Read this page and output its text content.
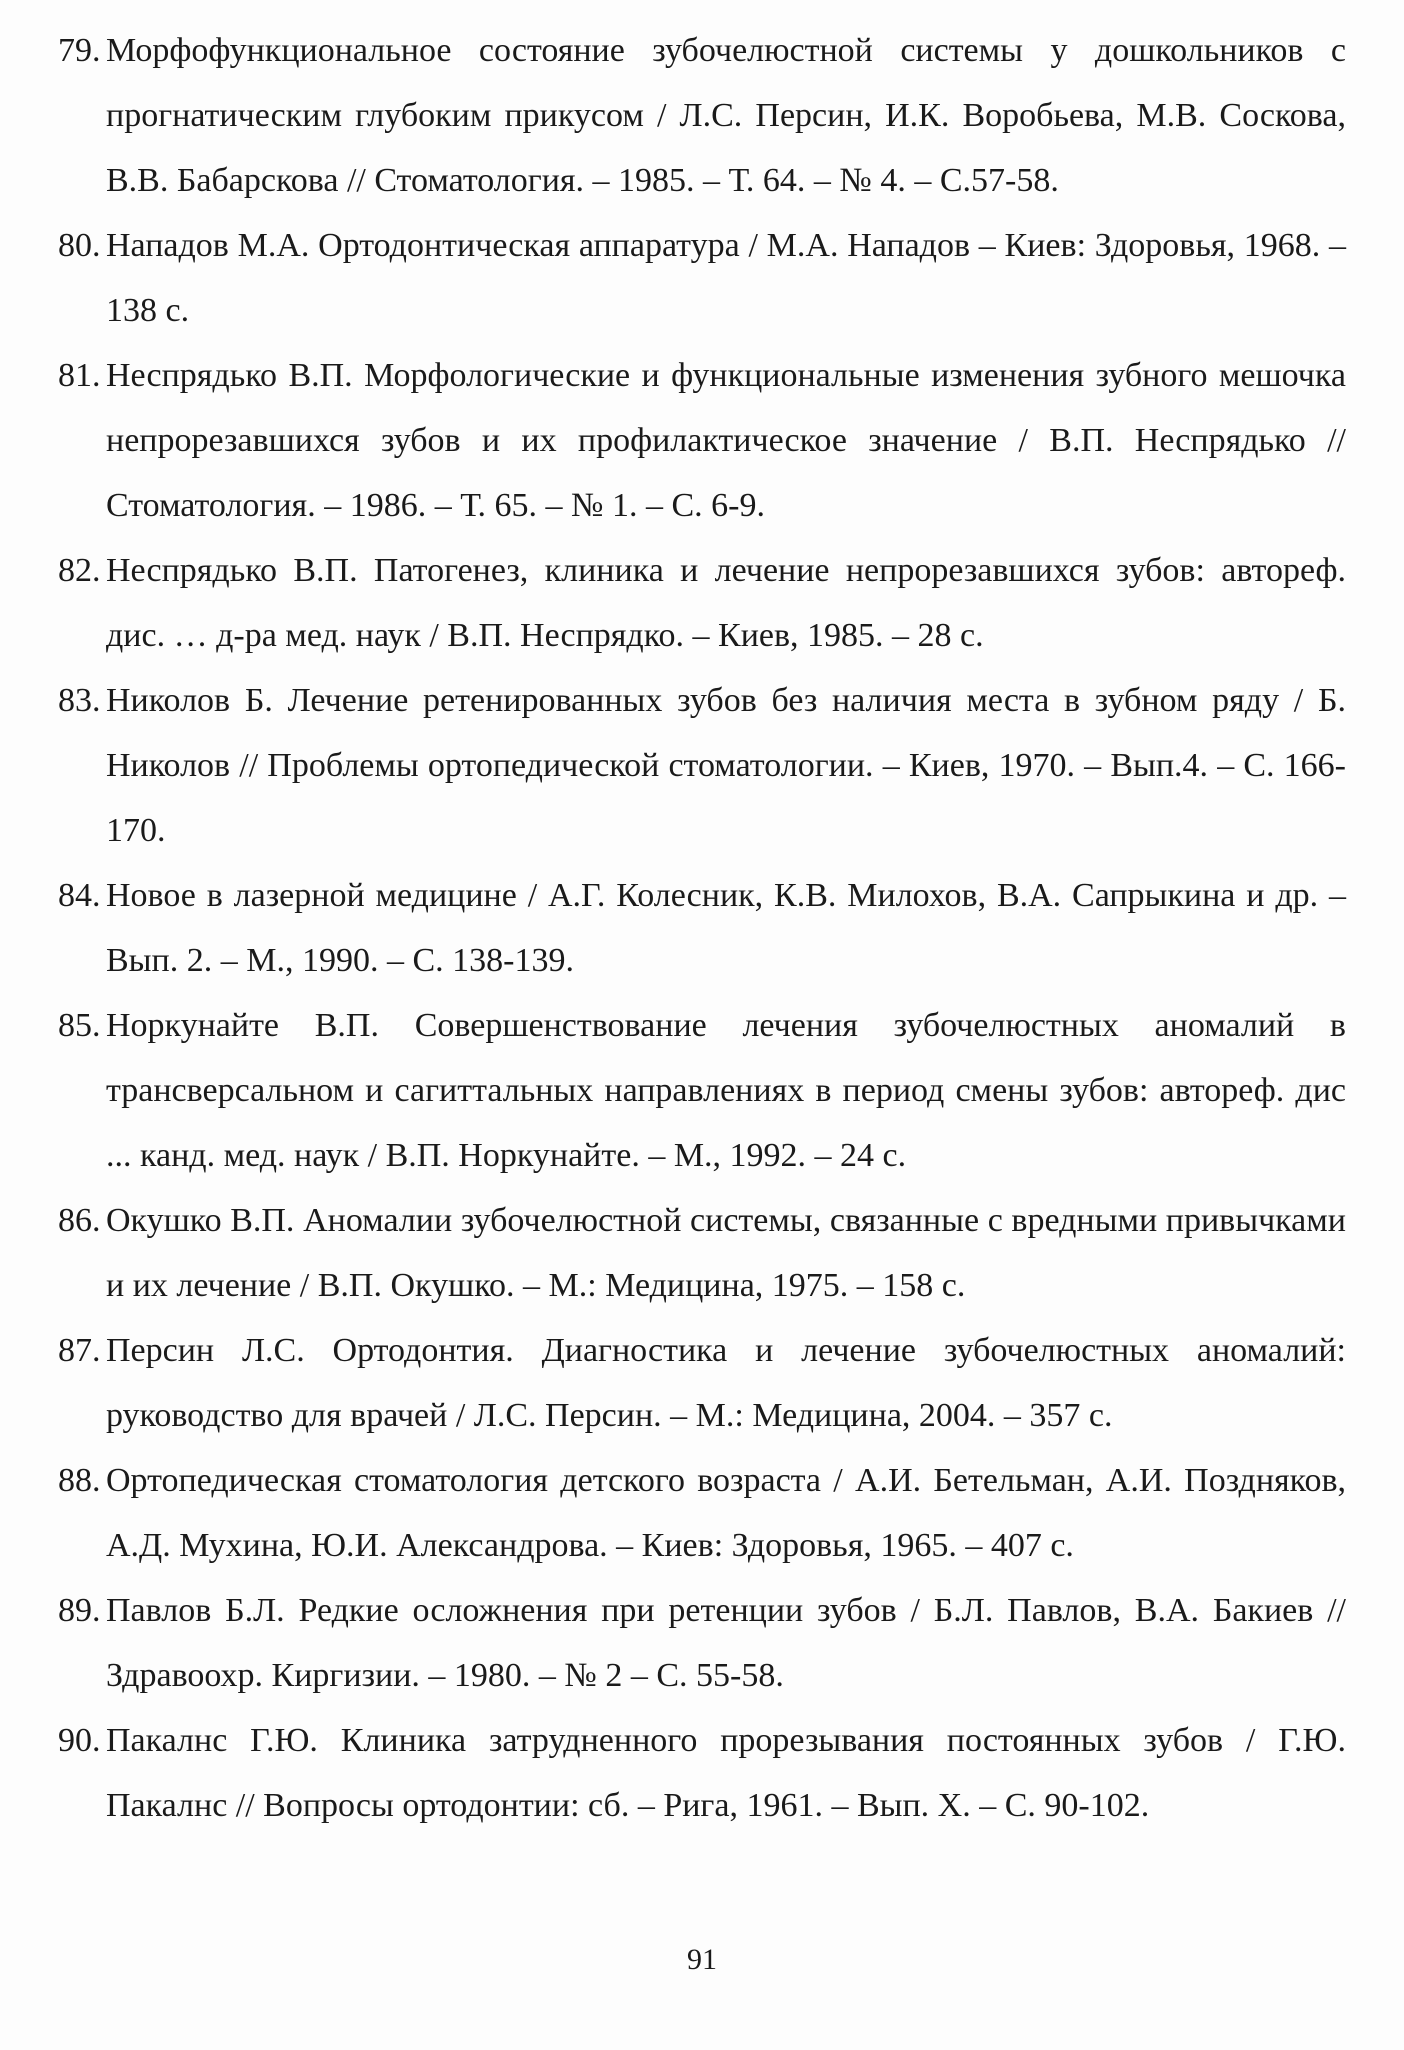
79. Морфофункциональное состояние зубочелюстной системы у дошкольников с прогнатическим глубоким прикусом / Л.С. Персин, И.К. Воробьева, М.В. Соскова, В.В. Бабарскова // Стоматология. – 1985. – Т. 64. – № 4. – С.57-58.

80. Нападов М.А. Ортодонтическая аппаратура / М.А. Нападов – Киев: Здоровья, 1968. – 138 с.

81. Неспрядько В.П. Морфологические и функциональные изменения зубного мешочка непрорезавшихся зубов и их профилактическое значение / В.П. Неспрядько // Стоматология. – 1986. – Т. 65. – № 1. – С. 6-9.

82. Неспрядько В.П. Патогенез, клиника и лечение непрорезавшихся зубов: автореф. дис. … д-ра мед. наук / В.П. Неспрядко. – Киев, 1985. – 28 с.

83. Николов Б. Лечение ретенированных зубов без наличия места в зубном ряду / Б. Николов // Проблемы ортопедической стоматологии. – Киев, 1970. – Вып.4. – С. 166-170.

84. Новое в лазерной медицине / А.Г. Колесник, К.В. Милохов, В.А. Сапрыкина и др. – Вып. 2. – М., 1990. – С. 138-139.

85. Норкунайте В.П. Совершенствование лечения зубочелюстных аномалий в трансверсальном и сагиттальных направлениях в период смены зубов: автореф. дис ... канд. мед. наук / В.П. Норкунайте. – М., 1992. – 24 с.

86. Окушко В.П. Аномалии зубочелюстной системы, связанные с вредными привычками и их лечение / В.П. Окушко. – М.: Медицина, 1975. – 158 с.

87. Персин Л.С. Ортодонтия. Диагностика и лечение зубочелюстных аномалий: руководство для врачей / Л.С. Персин. – М.: Медицина, 2004. – 357 с.

88. Ортопедическая стоматология детского возраста / А.И. Бетельман, А.И. Поздняков, А.Д. Мухина, Ю.И. Александрова. – Киев: Здоровья, 1965. – 407 с.

89. Павлов Б.Л. Редкие осложнения при ретенции зубов / Б.Л. Павлов, В.А. Бакиев // Здравоохр. Киргизии. – 1980. – № 2 – С. 55-58.

90. Пакалнс Г.Ю. Клиника затрудненного прорезывания постоянных зубов / Г.Ю. Пакалнс // Вопросы ортодонтии: сб. – Рига, 1961. – Вып. X. – С. 90-102.

91
